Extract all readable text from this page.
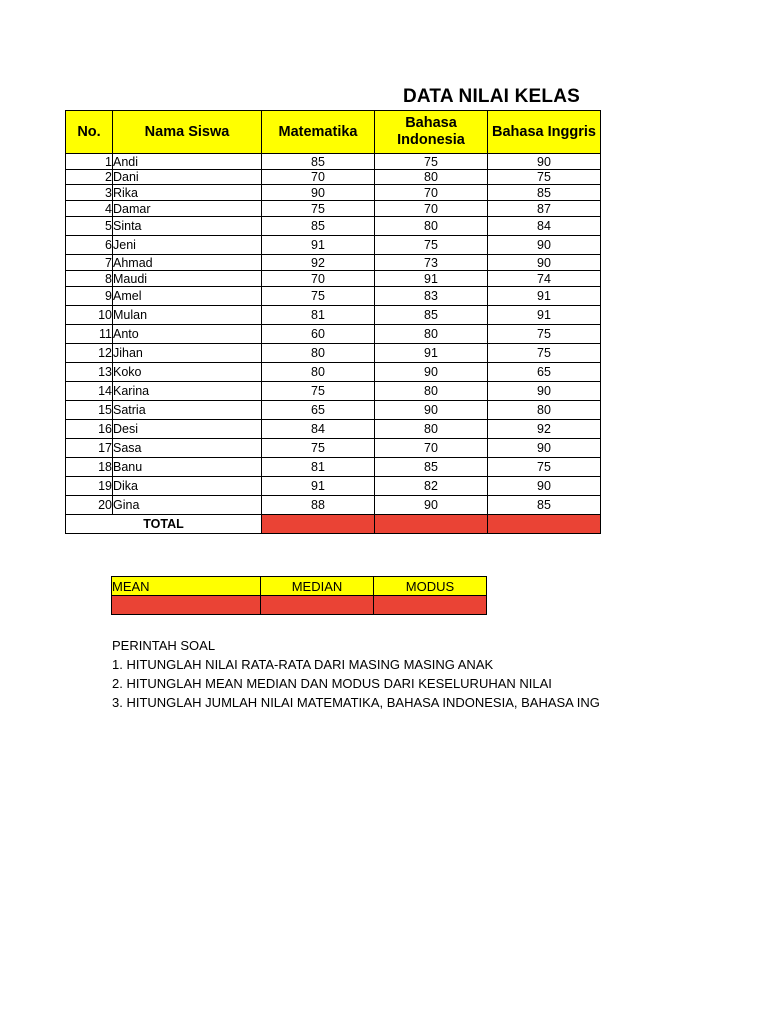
DATA NILAI KELAS
No.	Nama Siswa	Matematika	Bahasa Indonesia	Bahasa Inggris
1	Andi	85	75	90
2	Dani	70	80	75
3	Rika	90	70	85
4	Damar	75	70	87
5	Sinta	85	80	84
6	Jeni	91	75	90
7	Ahmad	92	73	90
8	Maudi	70	91	74
9	Amel	75	83	91
10	Mulan	81	85	91
11	Anto	60	80	75
12	Jihan	80	91	75
13	Koko	80	90	65
14	Karina	75	80	90
15	Satria	65	90	80
16	Desi	84	80	92
17	Sasa	75	70	90
18	Banu	81	85	75
19	Dika	91	82	90
20	Gina	88	90	85
TOTAL				
MEAN	MEDIAN	MODUS

PERINTAH SOAL
1. HITUNGLAH NILAI RATA-RATA DARI MASING MASING ANAK
2. HITUNGLAH MEAN MEDIAN DAN MODUS DARI KESELURUHAN NILAI
3. HITUNGLAH JUMLAH NILAI MATEMATIKA, BAHASA INDONESIA, BAHASA ING
